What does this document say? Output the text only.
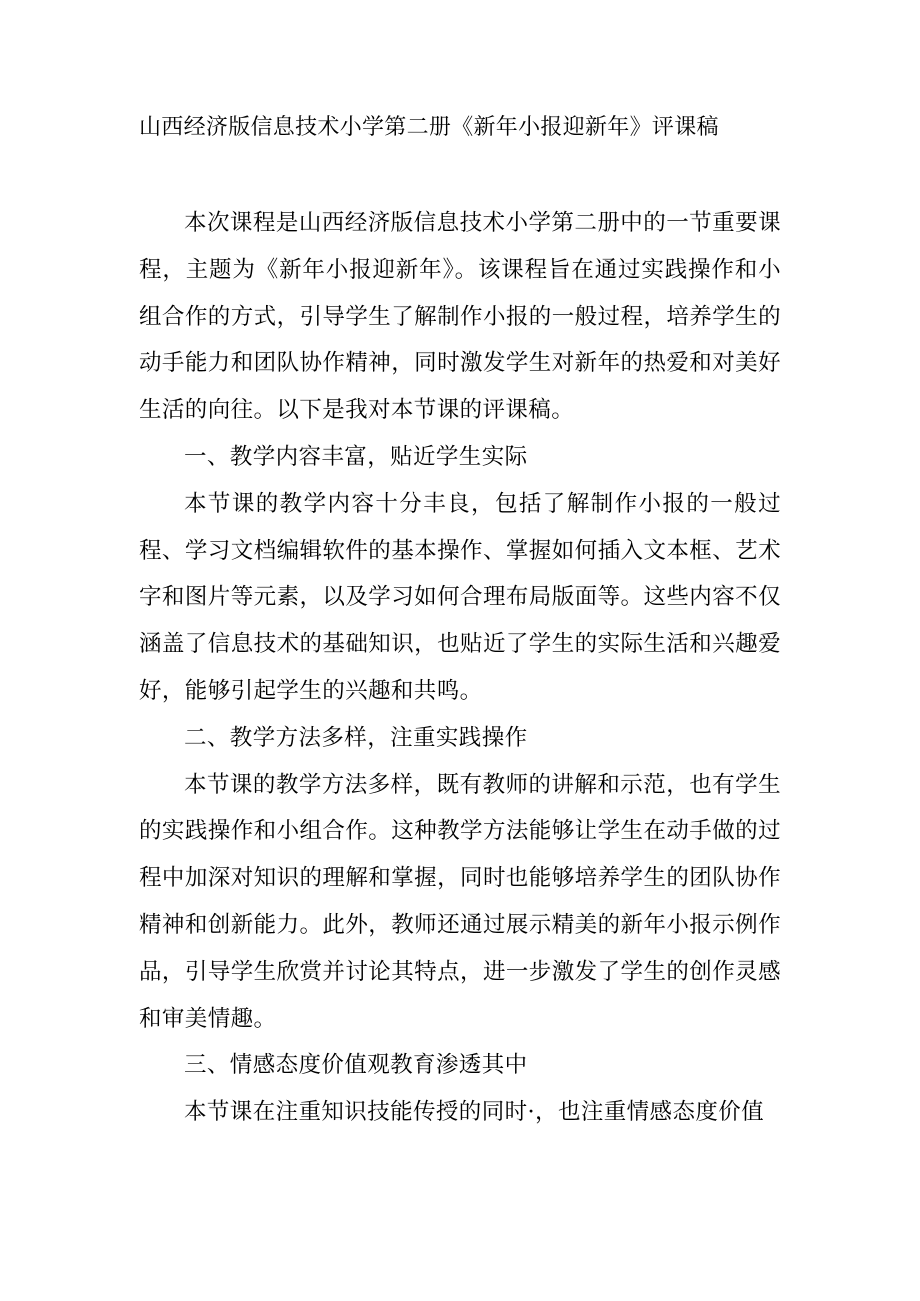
山西经济版信息技术小学第二册《新年小报迎新年》评课稿

本次课程是山西经济版信息技术小学第二册中的一节重要课程，主题为《新年小报迎新年》。该课程旨在通过实践操作和小组合作的方式，引导学生了解制作小报的一般过程，培养学生的动手能力和团队协作精神，同时激发学生对新年的热爱和对美好生活的向往。以下是我对本节课的评课稿。

一、教学内容丰富，贴近学生实际

本节课的教学内容十分丰良，包括了解制作小报的一般过程、学习文档编辑软件的基本操作、掌握如何插入文本框、艺术字和图片等元素，以及学习如何合理布局版面等。这些内容不仅涵盖了信息技术的基础知识，也贴近了学生的实际生活和兴趣爱好，能够引起学生的兴趣和共鸣。

二、教学方法多样，注重实践操作

本节课的教学方法多样，既有教师的讲解和示范，也有学生的实践操作和小组合作。这种教学方法能够让学生在动手做的过程中加深对知识的理解和掌握，同时也能够培养学生的团队协作精神和创新能力。此外，教师还通过展示精美的新年小报示例作品，引导学生欣赏并讨论其特点，进一步激发了学生的创作灵感和审美情趣。

三、情感态度价值观教育渗透其中

本节课在注重知识技能传授的同时·，也注重情感态度价值
